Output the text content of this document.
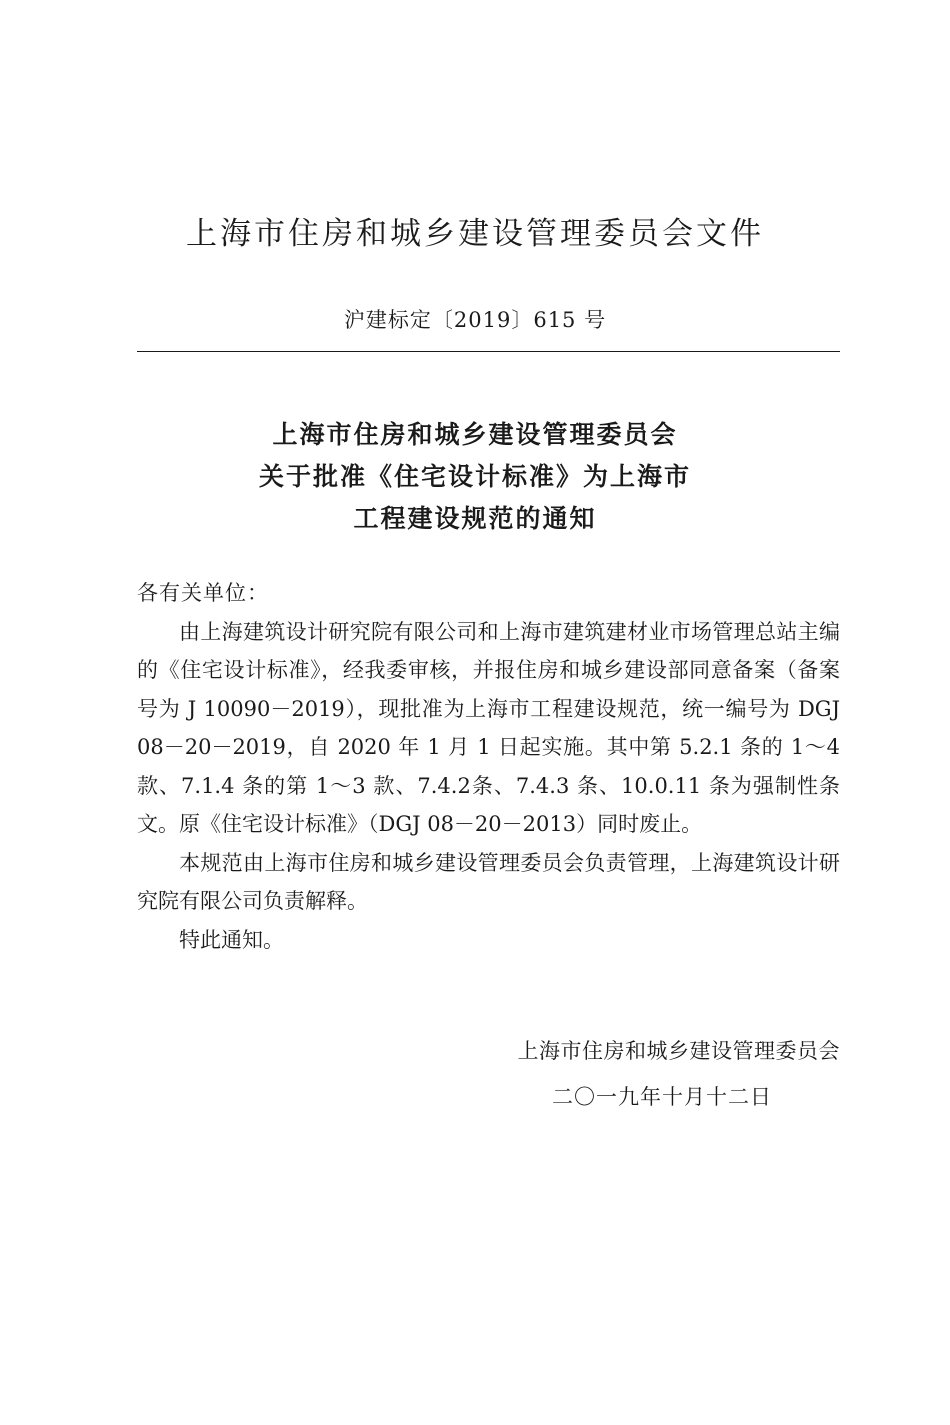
上海市住房和城乡建设管理委员会文件
沪建标定〔2019〕615 号
上海市住房和城乡建设管理委员会
关于批准《住宅设计标准》为上海市
工程建设规范的通知

各有关单位：

由上海建筑设计研究院有限公司和上海市建筑建材业市场管理总站主编的《住宅设计标准》，经我委审核，并报住房和城乡建设部同意备案（备案号为 J 10090－2019），现批准为上海市工程建设规范，统一编号为 DGJ 08－20－2019，自 2020 年 1 月 1 日起实施。其中第 5.2.1 条的 1～4 款、7.1.4 条的第 1～3 款、7.4.2条、7.4.3 条、10.0.11 条为强制性条文。原《住宅设计标准》（DGJ 08－20－2013）同时废止。

本规范由上海市住房和城乡建设管理委员会负责管理，上海建筑设计研究院有限公司负责解释。

特此通知。

上海市住房和城乡建设管理委员会
二〇一九年十月十二日
